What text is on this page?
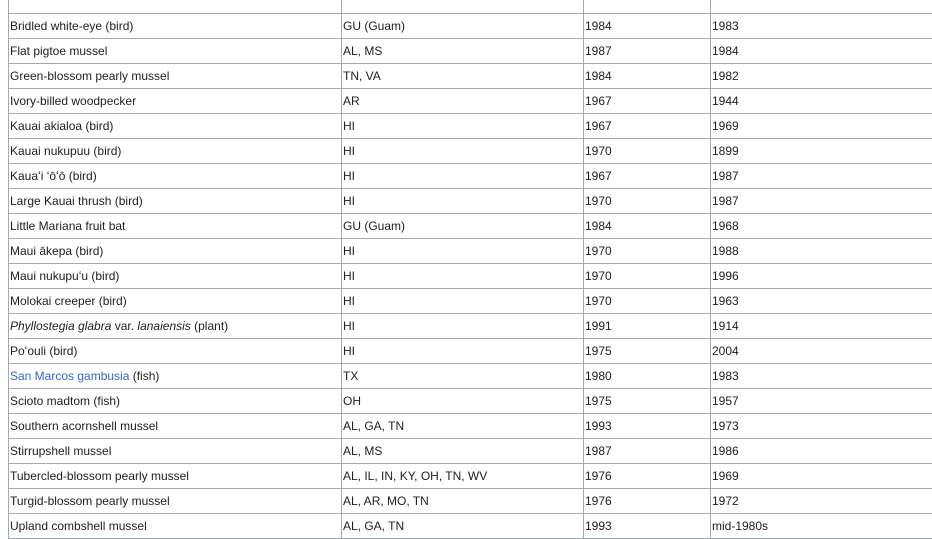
Bridled white-eye (bird)	GU (Guam)	1984	1983
Flat pigtoe mussel	AL, MS	1987	1984
Green-blossom pearly mussel	TN, VA	1984	1982
Ivory-billed woodpecker	AR	1967	1944
Kauai akialoa (bird)	HI	1967	1969
Kauai nukupuu (bird)	HI	1970	1899
Kauaʻi ʻōʻō (bird)	HI	1967	1987
Large Kauai thrush (bird)	HI	1970	1987
Little Mariana fruit bat	GU (Guam)	1984	1968
Maui ākepa (bird)	HI	1970	1988
Maui nukupuʻu (bird)	HI	1970	1996
Molokai creeper (bird)	HI	1970	1963
Phyllostegia glabra var. lanaiensis (plant)	HI	1991	1914
Poʻouli (bird)	HI	1975	2004
San Marcos gambusia (fish)	TX	1980	1983
Scioto madtom (fish)	OH	1975	1957
Southern acornshell mussel	AL, GA, TN	1993	1973
Stirrupshell mussel	AL, MS	1987	1986
Tubercled-blossom pearly mussel	AL, IL, IN, KY, OH, TN, WV	1976	1969
Turgid-blossom pearly mussel	AL, AR, MO, TN	1976	1972
Upland combshell mussel	AL, GA, TN	1993	mid-1980s
